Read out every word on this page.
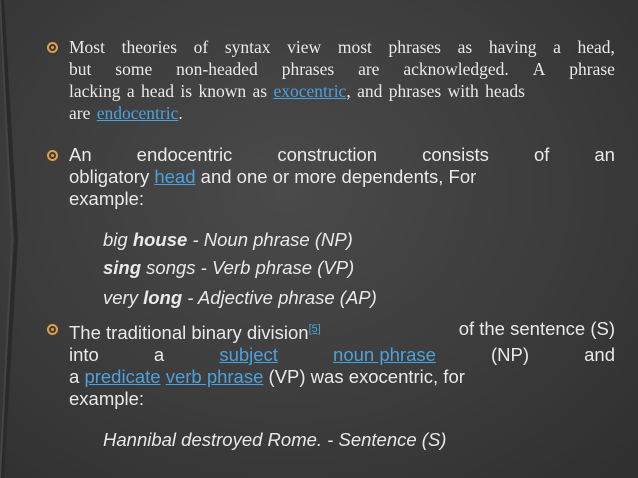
Most theories of syntax view most phrases as having a head,
but some non-headed phrases are acknowledged. A phrase
lacking a head is known as exocentric, and phrases with heads
are endocentric.
An endocentric construction consists of an
obligatory head and one or more dependents, For
example:
big house - Noun phrase (NP)
sing songs - Verb phrase (VP)
very long - Adjective phrase (AP)
The traditional binary division[5]	of the sentence (S)
into	a	subject	noun phrase	(NP)	and
a predicate verb phrase (VP) was exocentric, for
example:
Hannibal destroyed Rome. - Sentence (S)
